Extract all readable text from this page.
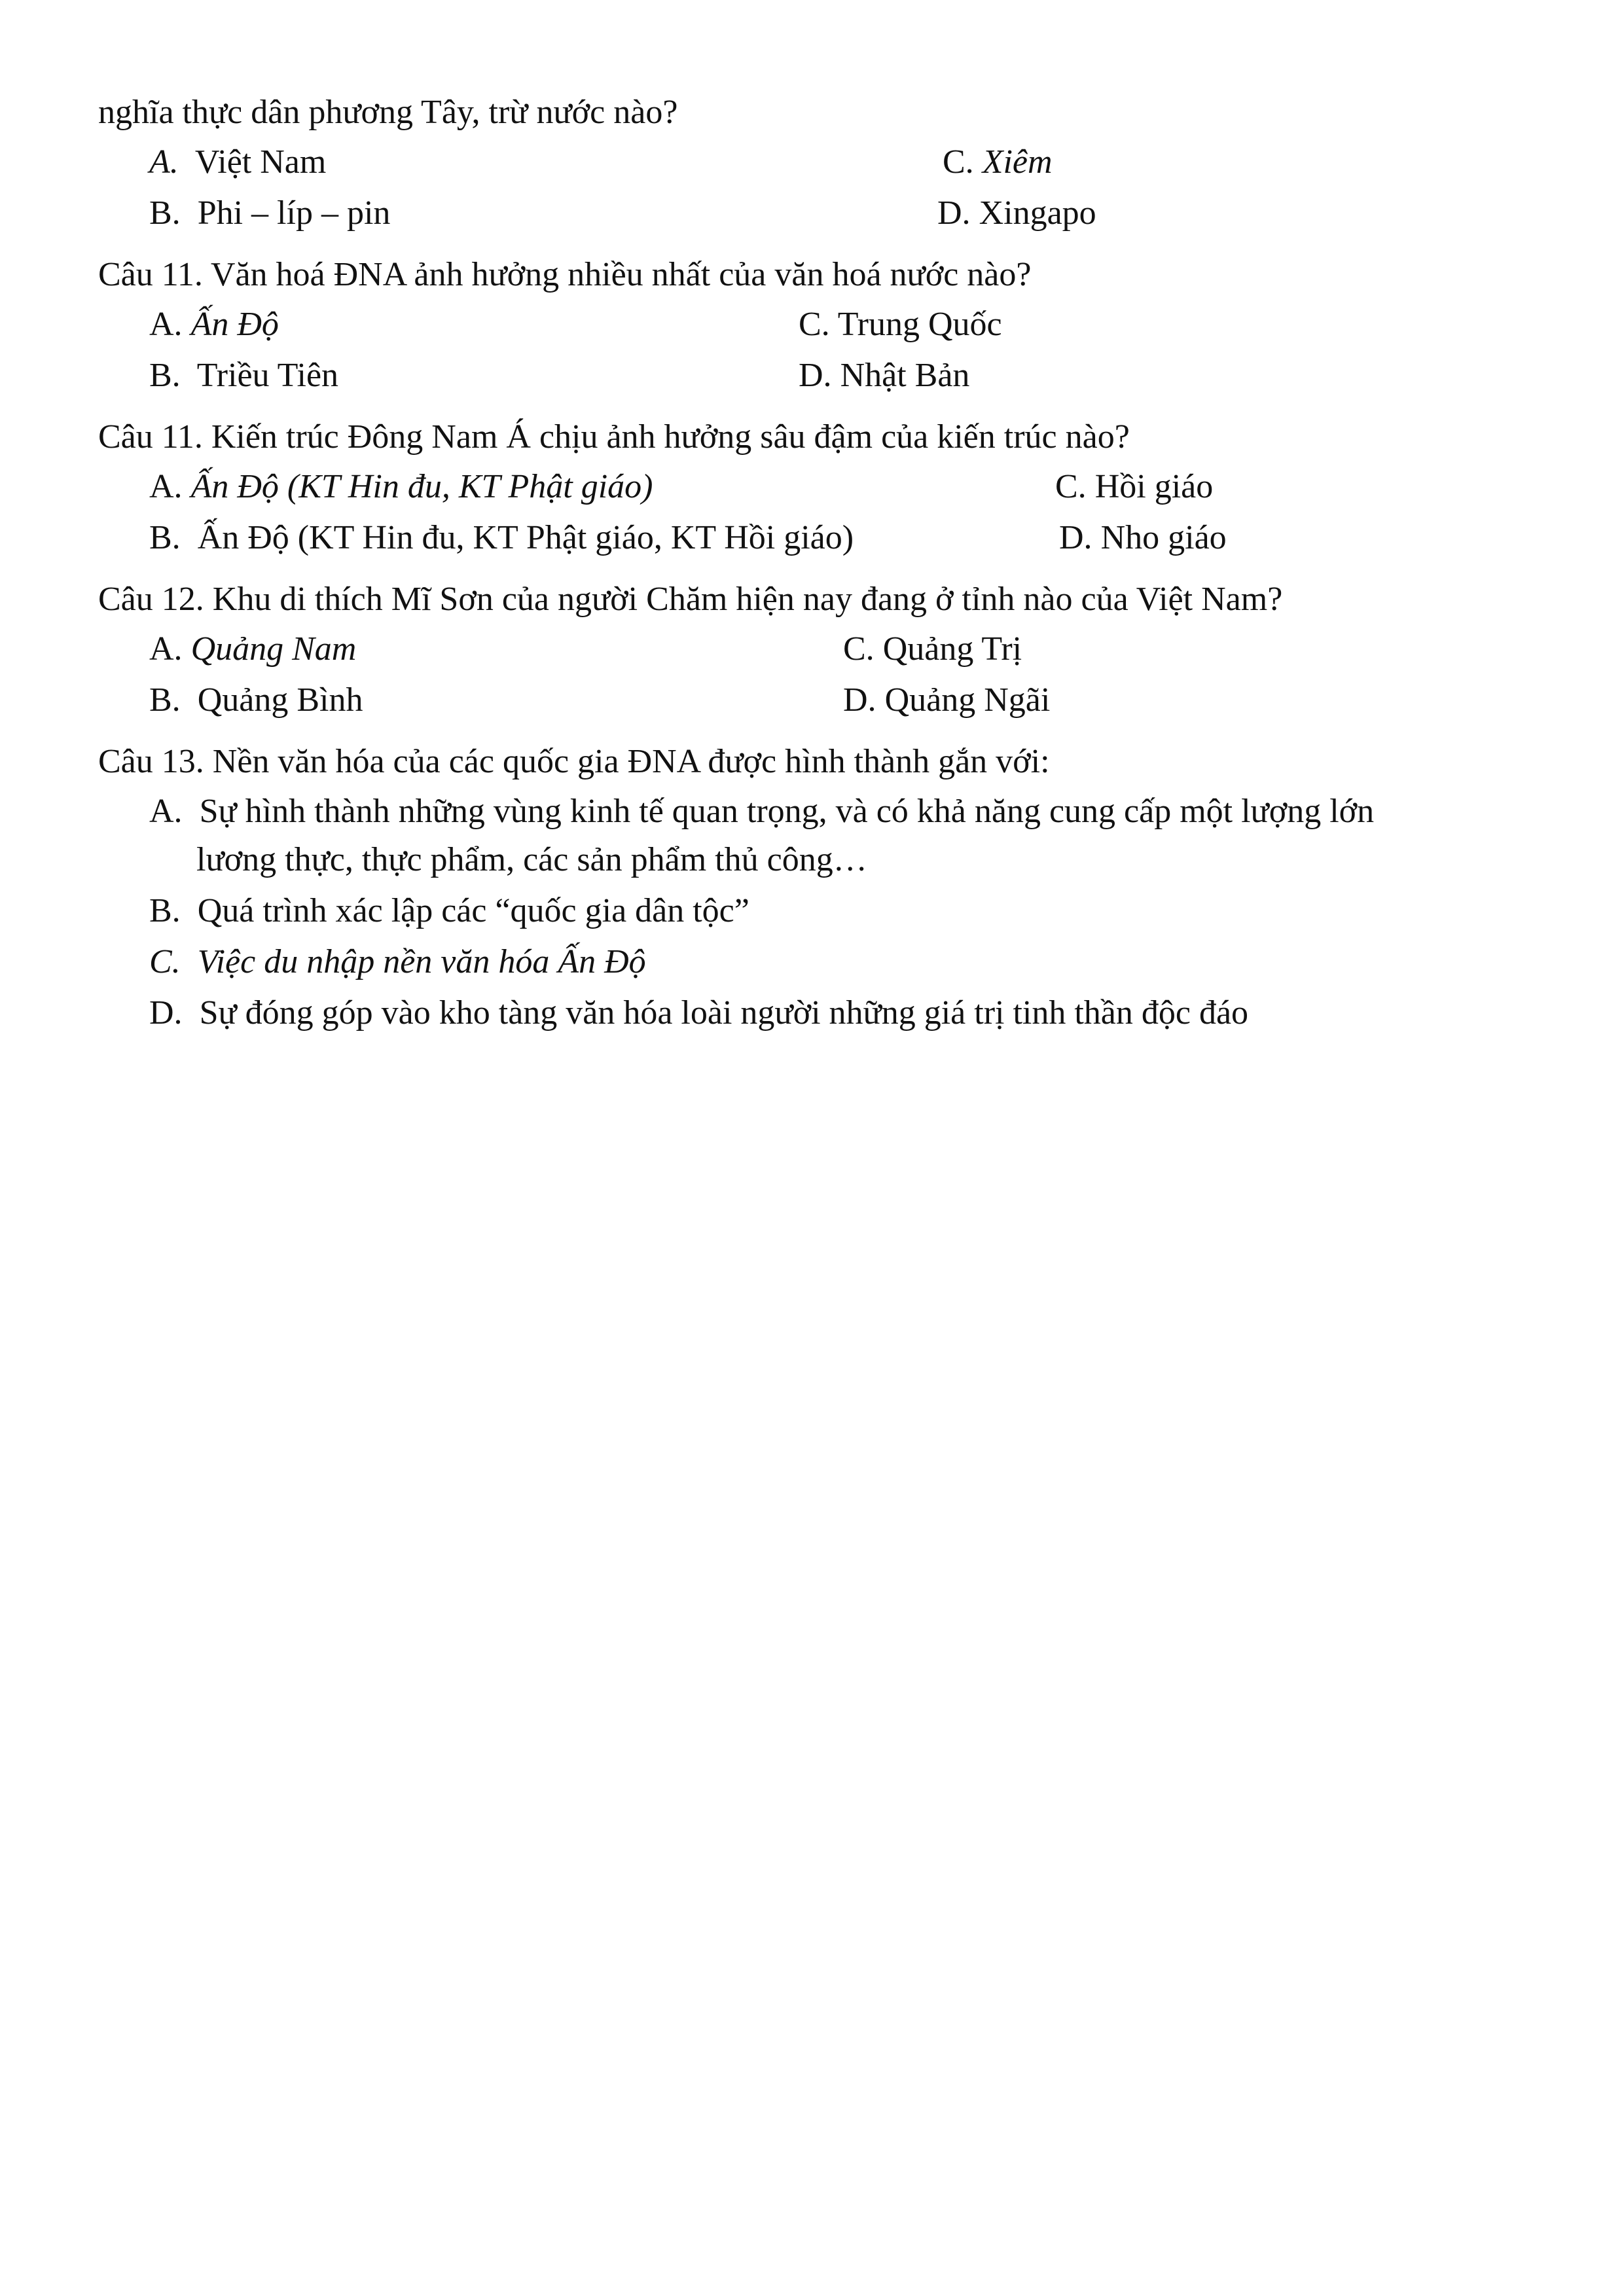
nghĩa thực dân phương Tây, trừ nước nào?
A. Việt Nam	C. Xiêm
B. Phi – líp – pin	D. Xingapo
Câu 11. Văn hoá ĐNA ảnh hưởng nhiều nhất của văn hoá nước nào?
A. Ấn Độ	C. Trung Quốc
B. Triều Tiên	D. Nhật Bản
Câu 11. Kiến trúc Đông Nam Á chịu ảnh hưởng sâu đậm của kiến trúc nào?
A. Ấn Độ (KT Hin đu, KT Phật giáo)	C. Hồi giáo
B. Ấn Độ (KT Hin đu, KT Phật giáo, KT Hồi giáo)	D. Nho giáo
Câu 12. Khu di thích Mĩ Sơn của người Chăm hiện nay đang ở tỉnh nào của Việt Nam?
A. Quảng Nam	C. Quảng Trị
B. Quảng Bình	D. Quảng Ngãi
Câu 13. Nền văn hóa của các quốc gia ĐNA được hình thành gắn với:
A. Sự hình thành những vùng kinh tế quan trọng, và có khả năng cung cấp một lượng lớn
lương thực, thực phẩm, các sản phẩm thủ công…
B. Quá trình xác lập các “quốc gia dân tộc”
C. Việc du nhập nền văn hóa Ấn Độ
D. Sự đóng góp vào kho tàng văn hóa loài người những giá trị tinh thần độc đáo
